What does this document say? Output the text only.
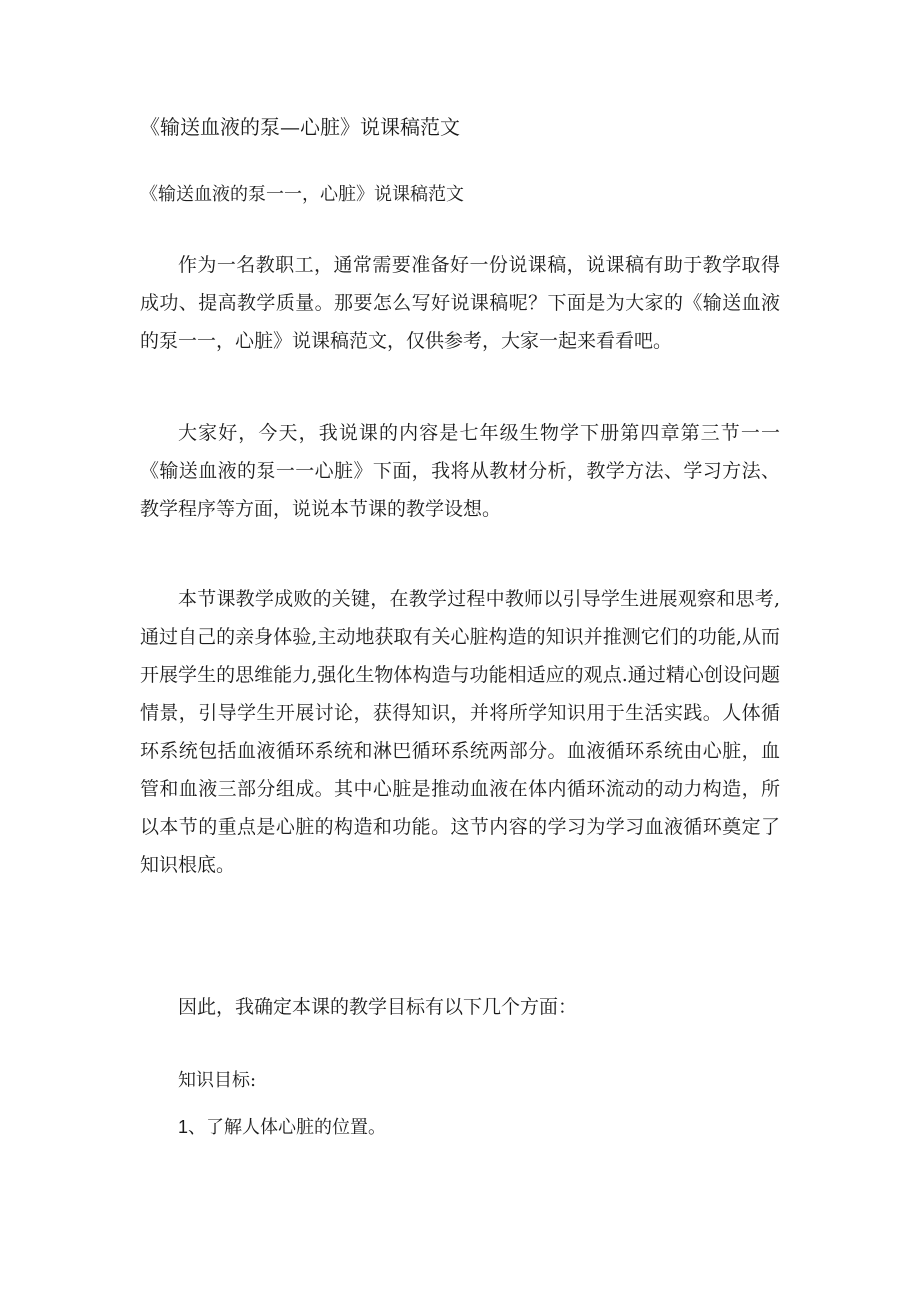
《输送血液的泵—心脏》说课稿范文

《输送血液的泵一一，心脏》说课稿范文

作为一名教职工，通常需要准备好一份说课稿，说课稿有助于教学取得成功、提高教学质量。那要怎么写好说课稿呢？下面是为大家的《输送血液的泵一一，心脏》说课稿范文，仅供参考，大家一起来看看吧。

大家好，今天，我说课的内容是七年级生物学下册第四章第三节一一《输送血液的泵一一心脏》下面，我将从教材分析，教学方法、学习方法、教学程序等方面，说说本节课的教学设想。

本节课教学成败的关键，在教学过程中教师以引导学生进展观察和思考,通过自己的亲身体验,主动地获取有关心脏构造的知识并推测它们的功能,从而开展学生的思维能力,强化生物体构造与功能相适应的观点.通过精心创设问题情景，引导学生开展讨论，获得知识，并将所学知识用于生活实践。人体循环系统包括血液循环系统和淋巴循环系统两部分。血液循环系统由心脏，血管和血液三部分组成。其中心脏是推动血液在体内循环流动的动力构造，所以本节的重点是心脏的构造和功能。这节内容的学习为学习血液循环奠定了知识根底。

因此，我确定本课的教学目标有以下几个方面：

知识目标:

1、了解人体心脏的位置。
